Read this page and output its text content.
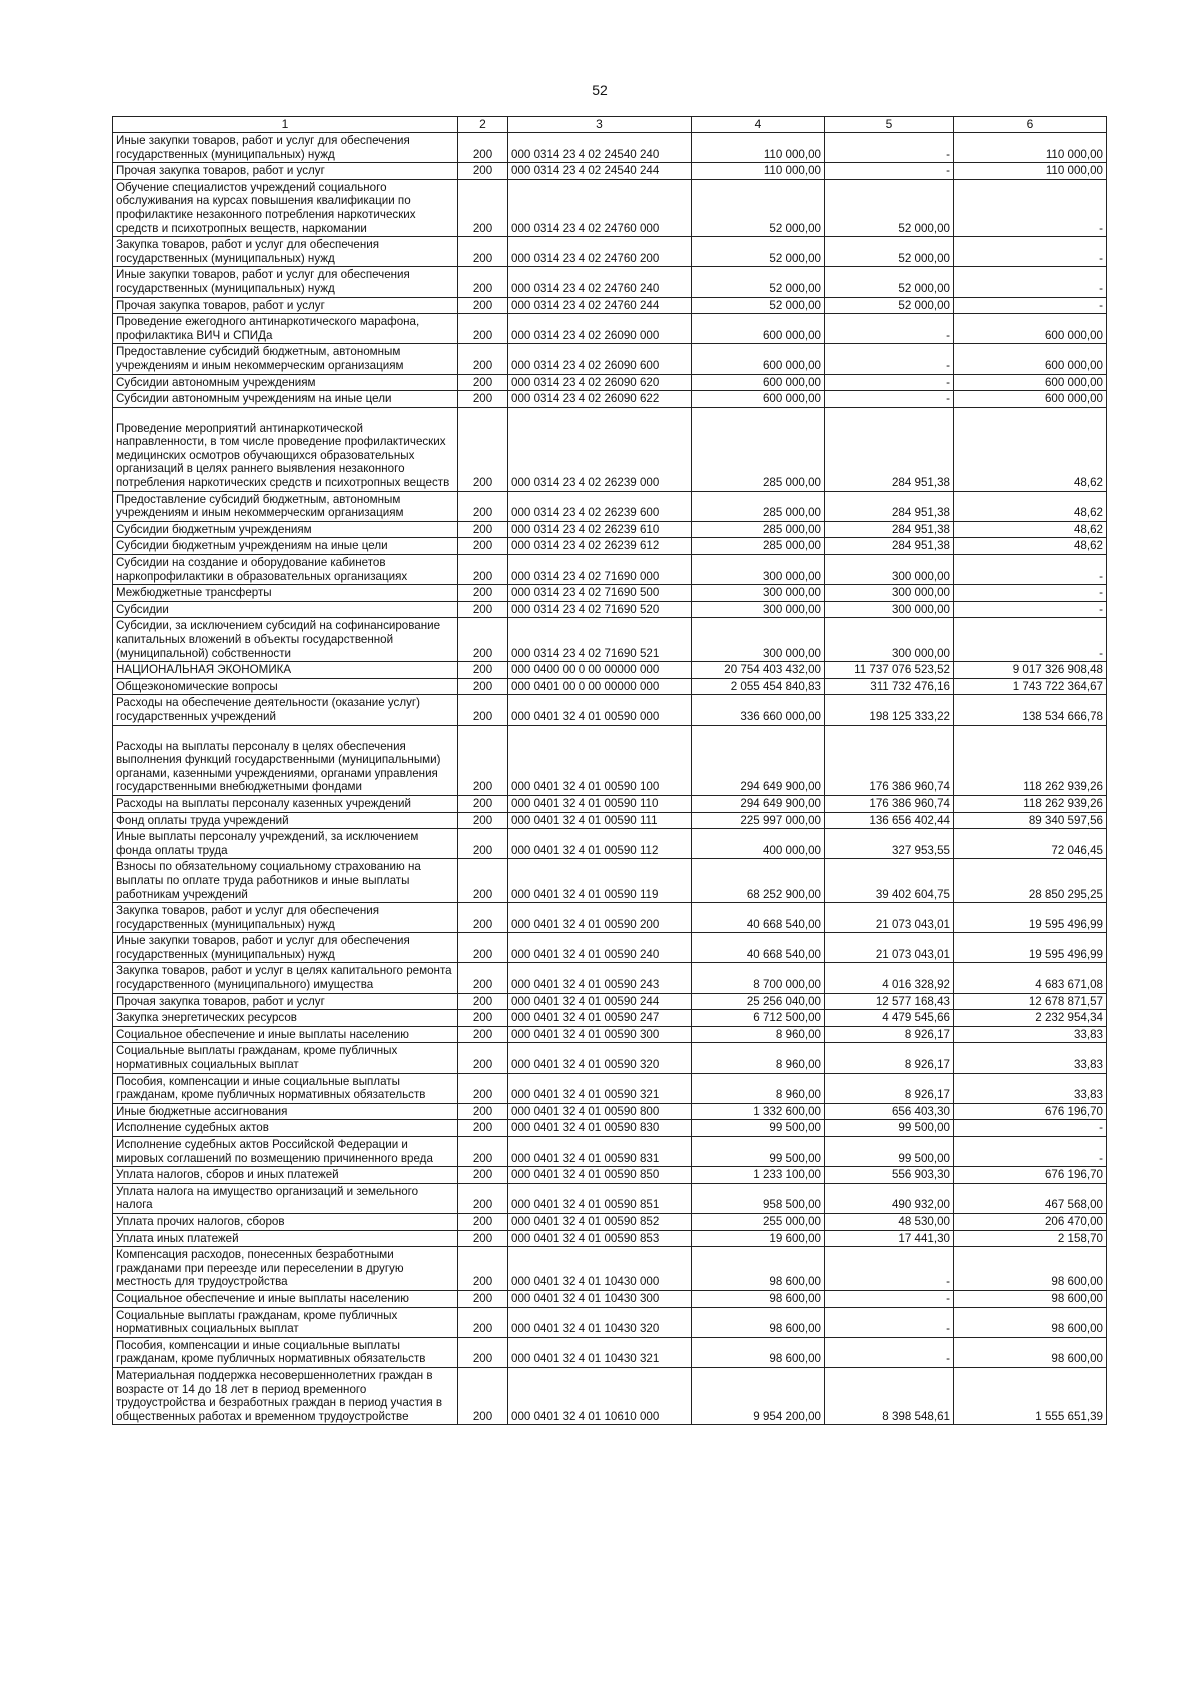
52
1	2	3	4	5	6
Иные закупки товаров, работ и услуг для обеспечения государственных (муниципальных) нужд	200	000 0314 23 4 02 24540 240	110 000,00	-	110 000,00
Прочая закупка товаров, работ и услуг	200	000 0314 23 4 02 24540 244	110 000,00	-	110 000,00
Обучение специалистов учреждений социального обслуживания на курсах повышения квалификации по профилактике незаконного потребления наркотических средств и психотропных веществ, наркомании	200	000 0314 23 4 02 24760 000	52 000,00	52 000,00	-
Закупка товаров, работ и услуг для обеспечения государственных (муниципальных) нужд	200	000 0314 23 4 02 24760 200	52 000,00	52 000,00	-
Иные закупки товаров, работ и услуг для обеспечения государственных (муниципальных) нужд	200	000 0314 23 4 02 24760 240	52 000,00	52 000,00	-
Прочая закупка товаров, работ и услуг	200	000 0314 23 4 02 24760 244	52 000,00	52 000,00	-
Проведение ежегодного антинаркотического марафона, профилактика ВИЧ и СПИДа	200	000 0314 23 4 02 26090 000	600 000,00	-	600 000,00
Предоставление субсидий бюджетным, автономным учреждениям и иным некоммерческим организациям	200	000 0314 23 4 02 26090 600	600 000,00	-	600 000,00
Субсидии автономным учреждениям	200	000 0314 23 4 02 26090 620	600 000,00	-	600 000,00
Субсидии автономным учреждениям на иные цели	200	000 0314 23 4 02 26090 622	600 000,00	-	600 000,00
Проведение мероприятий антинаркотической направленности, в том числе проведение профилактических медицинских осмотров обучающихся образовательных организаций в целях раннего выявления незаконного потребления наркотических средств и психотропных веществ	200	000 0314 23 4 02 26239 000	285 000,00	284 951,38	48,62
Предоставление субсидий бюджетным, автономным учреждениям и иным некоммерческим организациям	200	000 0314 23 4 02 26239 600	285 000,00	284 951,38	48,62
Субсидии бюджетным учреждениям	200	000 0314 23 4 02 26239 610	285 000,00	284 951,38	48,62
Субсидии бюджетным учреждениям на иные цели	200	000 0314 23 4 02 26239 612	285 000,00	284 951,38	48,62
Субсидии на создание и оборудование кабинетов наркопрофилактики в образовательных организациях	200	000 0314 23 4 02 71690 000	300 000,00	300 000,00	-
Межбюджетные трансферты	200	000 0314 23 4 02 71690 500	300 000,00	300 000,00	-
Субсидии	200	000 0314 23 4 02 71690 520	300 000,00	300 000,00	-
Субсидии, за исключением субсидий на софинансирование капитальных вложений в объекты государственной (муниципальной) собственности	200	000 0314 23 4 02 71690 521	300 000,00	300 000,00	-
НАЦИОНАЛЬНАЯ ЭКОНОМИКА	200	000 0400 00 0 00 00000 000	20 754 403 432,00	11 737 076 523,52	9 017 326 908,48
Общеэкономические вопросы	200	000 0401 00 0 00 00000 000	2 055 454 840,83	311 732 476,16	1 743 722 364,67
Расходы на обеспечение деятельности (оказание услуг) государственных учреждений	200	000 0401 32 4 01 00590 000	336 660 000,00	198 125 333,22	138 534 666,78
Расходы на выплаты персоналу в целях обеспечения выполнения функций государственными (муниципальными) органами, казенными учреждениями, органами управления государственными внебюджетными фондами	200	000 0401 32 4 01 00590 100	294 649 900,00	176 386 960,74	118 262 939,26
Расходы на выплаты персоналу казенных учреждений	200	000 0401 32 4 01 00590 110	294 649 900,00	176 386 960,74	118 262 939,26
Фонд оплаты труда учреждений	200	000 0401 32 4 01 00590 111	225 997 000,00	136 656 402,44	89 340 597,56
Иные выплаты персоналу учреждений, за исключением фонда оплаты труда	200	000 0401 32 4 01 00590 112	400 000,00	327 953,55	72 046,45
Взносы по обязательному социальному страхованию на выплаты по оплате труда работников и иные выплаты работникам учреждений	200	000 0401 32 4 01 00590 119	68 252 900,00	39 402 604,75	28 850 295,25
Закупка товаров, работ и услуг для обеспечения государственных (муниципальных) нужд	200	000 0401 32 4 01 00590 200	40 668 540,00	21 073 043,01	19 595 496,99
Иные закупки товаров, работ и услуг для обеспечения государственных (муниципальных) нужд	200	000 0401 32 4 01 00590 240	40 668 540,00	21 073 043,01	19 595 496,99
Закупка товаров, работ и услуг в целях капитального ремонта государственного (муниципального) имущества	200	000 0401 32 4 01 00590 243	8 700 000,00	4 016 328,92	4 683 671,08
Прочая закупка товаров, работ и услуг	200	000 0401 32 4 01 00590 244	25 256 040,00	12 577 168,43	12 678 871,57
Закупка энергетических ресурсов	200	000 0401 32 4 01 00590 247	6 712 500,00	4 479 545,66	2 232 954,34
Социальное обеспечение и иные выплаты населению	200	000 0401 32 4 01 00590 300	8 960,00	8 926,17	33,83
Социальные выплаты гражданам, кроме публичных нормативных социальных выплат	200	000 0401 32 4 01 00590 320	8 960,00	8 926,17	33,83
Пособия, компенсации и иные социальные выплаты гражданам, кроме публичных нормативных обязательств	200	000 0401 32 4 01 00590 321	8 960,00	8 926,17	33,83
Иные бюджетные ассигнования	200	000 0401 32 4 01 00590 800	1 332 600,00	656 403,30	676 196,70
Исполнение судебных актов	200	000 0401 32 4 01 00590 830	99 500,00	99 500,00	-
Исполнение судебных актов Российской Федерации и мировых соглашений по возмещению причиненного вреда	200	000 0401 32 4 01 00590 831	99 500,00	99 500,00	-
Уплата налогов, сборов и иных платежей	200	000 0401 32 4 01 00590 850	1 233 100,00	556 903,30	676 196,70
Уплата налога на имущество организаций и земельного налога	200	000 0401 32 4 01 00590 851	958 500,00	490 932,00	467 568,00
Уплата прочих налогов, сборов	200	000 0401 32 4 01 00590 852	255 000,00	48 530,00	206 470,00
Уплата иных платежей	200	000 0401 32 4 01 00590 853	19 600,00	17 441,30	2 158,70
Компенсация расходов, понесенных безработными гражданами при переезде или переселении в другую местность для трудоустройства	200	000 0401 32 4 01 10430 000	98 600,00	-	98 600,00
Социальное обеспечение и иные выплаты населению	200	000 0401 32 4 01 10430 300	98 600,00	-	98 600,00
Социальные выплаты гражданам, кроме публичных нормативных социальных выплат	200	000 0401 32 4 01 10430 320	98 600,00	-	98 600,00
Пособия, компенсации и иные социальные выплаты гражданам, кроме публичных нормативных обязательств	200	000 0401 32 4 01 10430 321	98 600,00	-	98 600,00
Материальная поддержка несовершеннолетних граждан в возрасте от 14 до 18 лет в период временного трудоустройства и безработных граждан в период участия в общественных работах и временном трудоустройстве	200	000 0401 32 4 01 10610 000	9 954 200,00	8 398 548,61	1 555 651,39
